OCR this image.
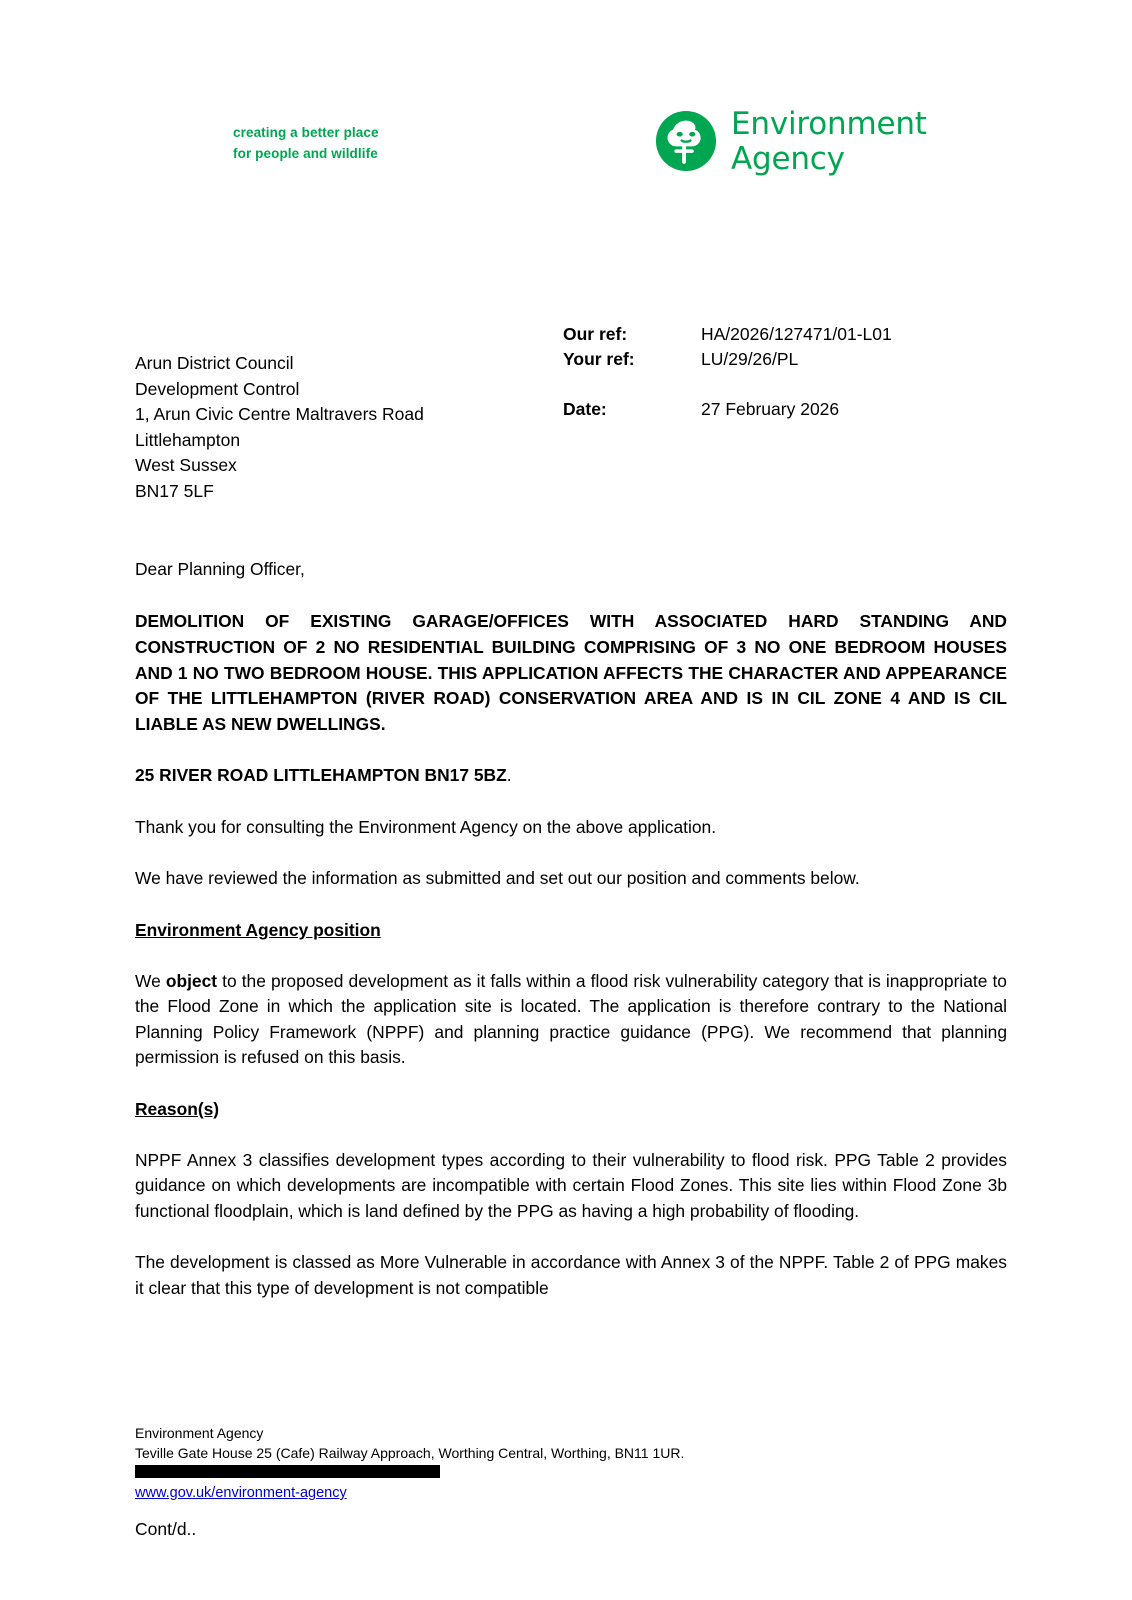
creating a better place
for people and wildlife
Environment
Agency
Our ref:	HA/2026/127471/01-L01
Your ref:	LU/29/26/PL
Date:	27 February 2026
Arun District Council
Development Control
1, Arun Civic Centre Maltravers Road
Littlehampton
West Sussex
BN17 5LF

Dear Planning Officer,

DEMOLITION OF EXISTING GARAGE/OFFICES WITH ASSOCIATED HARD STANDING AND CONSTRUCTION OF 2 NO RESIDENTIAL BUILDING COMPRISING OF 3 NO ONE BEDROOM HOUSES AND 1 NO TWO BEDROOM HOUSE. THIS APPLICATION AFFECTS THE CHARACTER AND APPEARANCE OF THE LITTLEHAMPTON (RIVER ROAD) CONSERVATION AREA AND IS IN CIL ZONE 4 AND IS CIL LIABLE AS NEW DWELLINGS.

25 RIVER ROAD LITTLEHAMPTON BN17 5BZ.

Thank you for consulting the Environment Agency on the above application.

We have reviewed the information as submitted and set out our position and comments below.

Environment Agency position

We object to the proposed development as it falls within a flood risk vulnerability category that is inappropriate to the Flood Zone in which the application site is located. The application is therefore contrary to the National Planning Policy Framework (NPPF) and planning practice guidance (PPG). We recommend that planning permission is refused on this basis.

Reason(s)

NPPF Annex 3 classifies development types according to their vulnerability to flood risk. PPG Table 2 provides guidance on which developments are incompatible with certain Flood Zones. This site lies within Flood Zone 3b functional floodplain, which is land defined by the PPG as having a high probability of flooding.

The development is classed as More Vulnerable in accordance with Annex 3 of the NPPF. Table 2 of PPG makes it clear that this type of development is not compatible

Environment Agency
Teville Gate House 25 (Cafe) Railway Approach, Worthing Central, Worthing, BN11 1UR.
www.gov.uk/environment-agency
Cont/d..
